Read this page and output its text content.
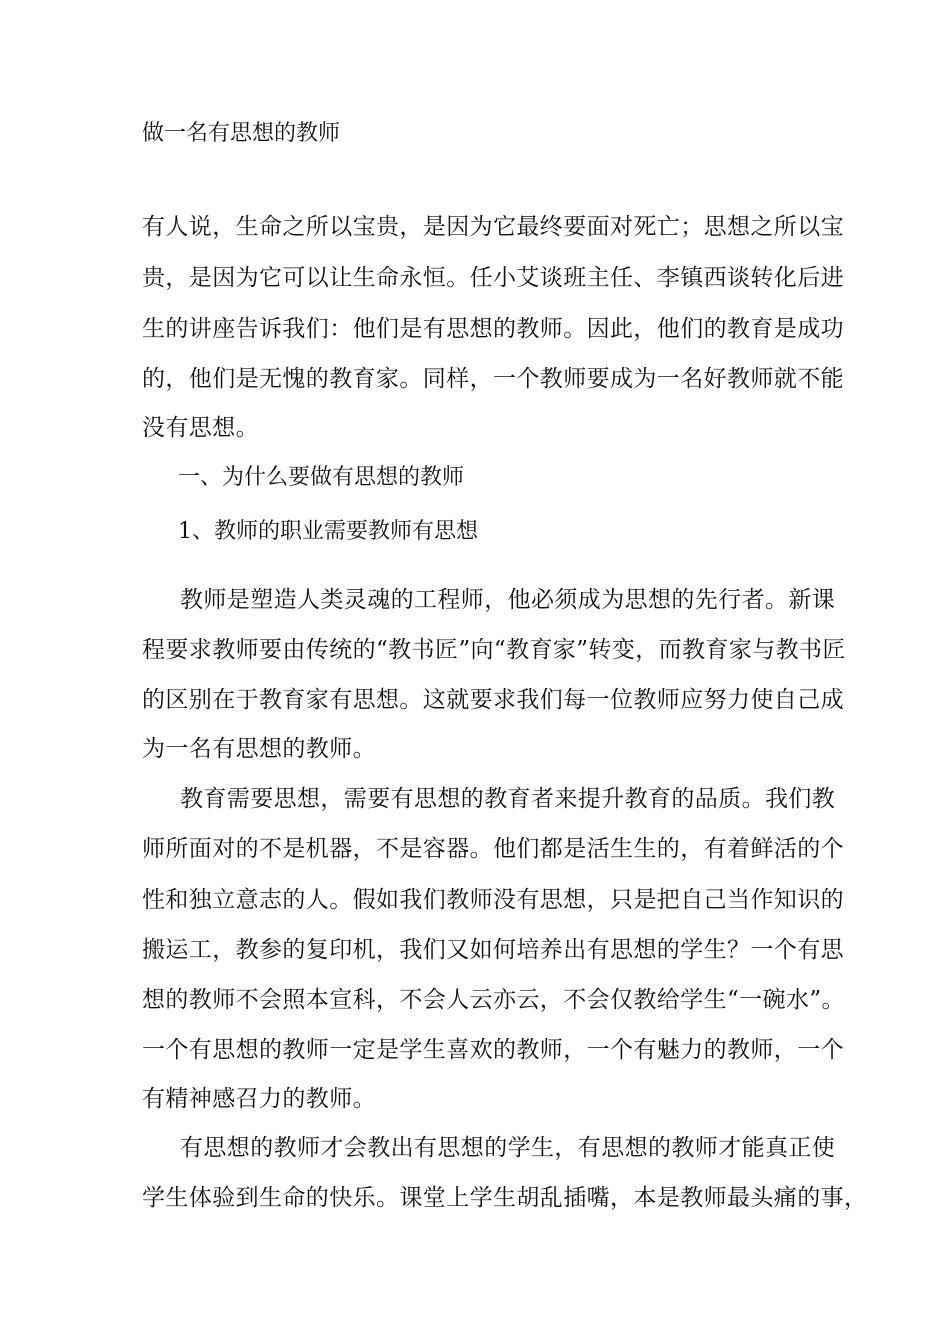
做一名有思想的教师
有人说，生命之所以宝贵，是因为它最终要面对死亡；思想之所以宝
贵，是因为它可以让生命永恒。任小艾谈班主任、李镇西谈转化后进
生的讲座告诉我们：他们是有思想的教师。因此，他们的教育是成功
的，他们是无愧的教育家。同样，一个教师要成为一名好教师就不能
没有思想。
一、为什么要做有思想的教师
1、教师的职业需要教师有思想
教师是塑造人类灵魂的工程师，他必须成为思想的先行者。新课
程要求教师要由传统的“教书匠”向“教育家”转变，而教育家与教书匠
的区别在于教育家有思想。这就要求我们每一位教师应努力使自己成
为一名有思想的教师。
教育需要思想，需要有思想的教育者来提升教育的品质。我们教
师所面对的不是机器，不是容器。他们都是活生生的，有着鲜活的个
性和独立意志的人。假如我们教师没有思想，只是把自己当作知识的
搬运工，教参的复印机，我们又如何培养出有思想的学生？一个有思
想的教师不会照本宣科，不会人云亦云，不会仅教给学生“一碗水”。
一个有思想的教师一定是学生喜欢的教师，一个有魅力的教师，一个
有精神感召力的教师。
有思想的教师才会教出有思想的学生，有思想的教师才能真正使
学生体验到生命的快乐。课堂上学生胡乱插嘴，本是教师最头痛的事，
